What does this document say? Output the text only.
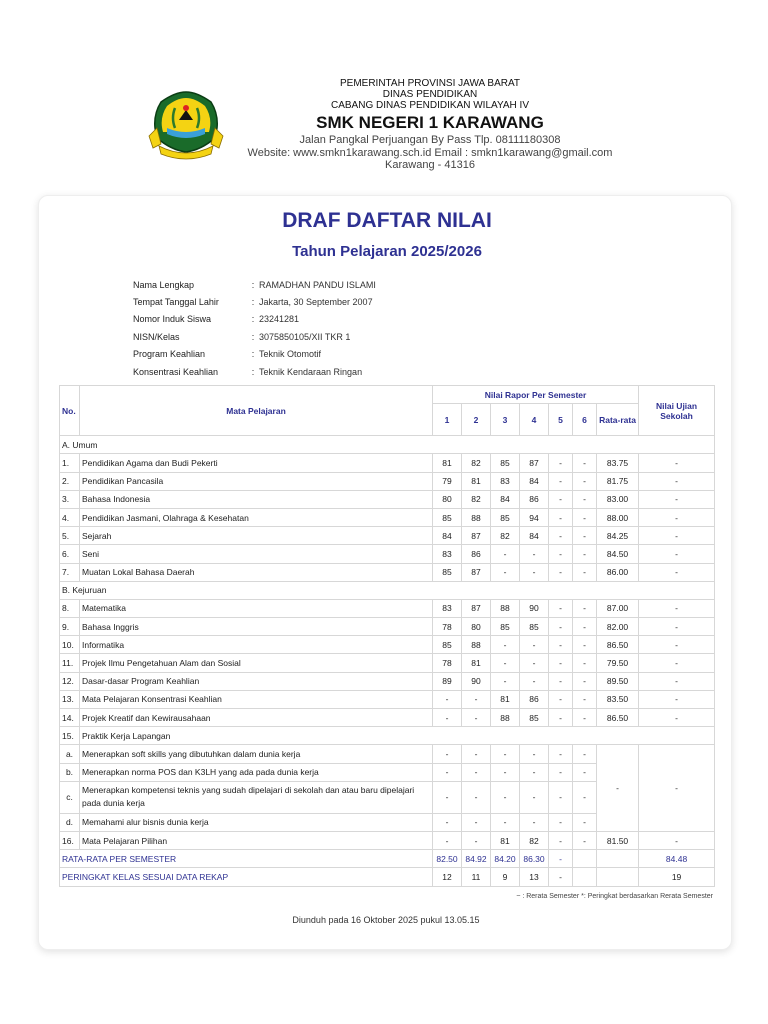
PEMERINTAH PROVINSI JAWA BARAT
DINAS PENDIDIKAN
CABANG DINAS PENDIDIKAN WILAYAH IV
SMK NEGERI 1 KARAWANG
Jalan Pangkal Perjuangan By Pass Tlp. 08111180308
Website: www.smkn1karawang.sch.id Email : smkn1karawang@gmail.com
Karawang - 41316
DRAF DAFTAR NILAI
Tahun Pelajaran 2025/2026
Nama Lengkap	: RAMADHAN PANDU ISLAMI
Tempat Tanggal Lahir	: Jakarta, 30 September 2007
Nomor Induk Siswa	: 23241281
NISN/Kelas	: 3075850105/XII TKR 1
Program Keahlian	: Teknik Otomotif
Konsentrasi Keahlian	: Teknik Kendaraan Ringan
No.	Mata Pelajaran	Nilai Rapor Per Semester							Nilai Ujian Sekolah
		1	2	3	4	5	6	Rata-rata	
A. Umum									
1.	Pendidikan Agama dan Budi Pekerti	81	82	85	87	-	-	83.75	-
2.	Pendidikan Pancasila	79	81	83	84	-	-	81.75	-
3.	Bahasa Indonesia	80	82	84	86	-	-	83.00	-
4.	Pendidikan Jasmani, Olahraga & Kesehatan	85	88	85	94	-	-	88.00	-
5.	Sejarah	84	87	82	84	-	-	84.25	-
6.	Seni	83	86	-	-	-	-	84.50	-
7.	Muatan Lokal Bahasa Daerah	85	87	-	-	-	-	86.00	-
B. Kejuruan									
8.	Matematika	83	87	88	90	-	-	87.00	-
9.	Bahasa Inggris	78	80	85	85	-	-	82.00	-
10.	Informatika	85	88	-	-	-	-	86.50	-
11.	Projek Ilmu Pengetahuan Alam dan Sosial	78	81	-	-	-	-	79.50	-
12.	Dasar-dasar Program Keahlian	89	90	-	-	-	-	89.50	-
13.	Mata Pelajaran Konsentrasi Keahlian	-	-	81	86	-	-	83.50	-
14.	Projek Kreatif dan Kewirausahaan	-	-	88	85	-	-	86.50	-
15.	Praktik Kerja Lapangan								
a.	Menerapkan soft skills yang dibutuhkan dalam dunia kerja	-	-	-	-	-	-	-	-
b.	Menerapkan norma POS dan K3LH yang ada pada dunia kerja	-	-	-	-	-	-		
c.	Menerapkan kompetensi teknis yang sudah dipelajari di sekolah dan atau baru dipelajari pada dunia kerja	-	-	-	-	-	-		
d.	Memahami alur bisnis dunia kerja	-	-	-	-	-	-		
16.	Mata Pelajaran Pilihan	-	-	81	82	-	-	81.50	-
RATA-RATA PER SEMESTER		82.50	84.92	84.20	86.30	-			84.48
PERINGKAT KELAS SESUAI DATA REKAP		12	11	9	13	-			19
~ : Rerata Semester *: Peringkat berdasarkan Rerata Semester
Diunduh pada 16 Oktober 2025 pukul 13.05.15
